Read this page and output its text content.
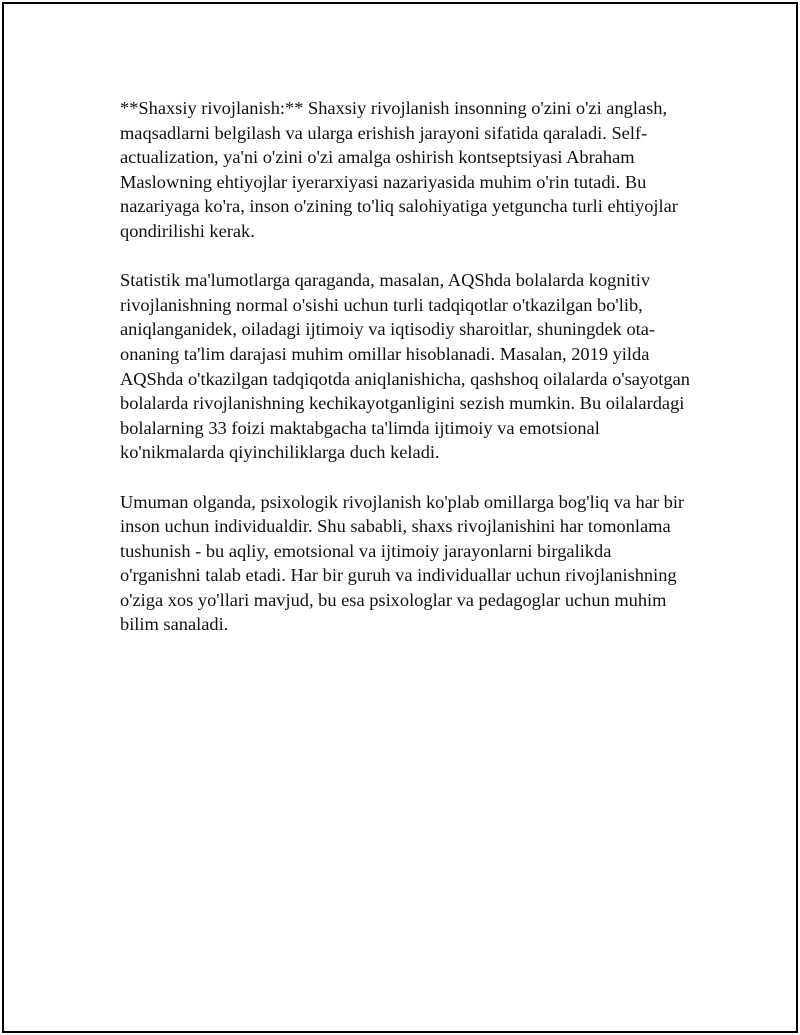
**Shaxsiy rivojlanish:** Shaxsiy rivojlanish insonning o'zini o'zi anglash, maqsadlarni belgilash va ularga erishish jarayoni sifatida qaraladi. Self-actualization, ya'ni o'zini o'zi amalga oshirish kontseptsiyasi Abraham Maslowning ehtiyojlar iyerarxiyasi nazariyasida muhim o'rin tutadi. Bu nazariyaga ko'ra, inson o'zining to'liq salohiyatiga yetguncha turli ehtiyojlar qondirilishi kerak.

Statistik ma'lumotlarga qaraganda, masalan, AQShda bolalarda kognitiv rivojlanishning normal o'sishi uchun turli tadqiqotlar o'tkazilgan bo'lib, aniqlanganidek, oiladagi ijtimoiy va iqtisodiy sharoitlar, shuningdek ota-onaning ta'lim darajasi muhim omillar hisoblanadi. Masalan, 2019 yilda AQShda o'tkazilgan tadqiqotda aniqlanishicha, qashshoq oilalarda o'sayotgan bolalarda rivojlanishning kechikayotganligini sezish mumkin. Bu oilalardagi bolalarning 33 foizi maktabgacha ta'limda ijtimoiy va emotsional ko'nikmalarda qiyinchiliklarga duch keladi.

Umuman olganda, psixologik rivojlanish ko'plab omillarga bog'liq va har bir inson uchun individualdir. Shu sababli, shaxs rivojlanishini har tomonlama tushunish - bu aqliy, emotsional va ijtimoiy jarayonlarni birgalikda o'rganishni talab etadi. Har bir guruh va individuallar uchun rivojlanishning o'ziga xos yo'llari mavjud, bu esa psixologlar va pedagoglar uchun muhim bilim sanaladi.
